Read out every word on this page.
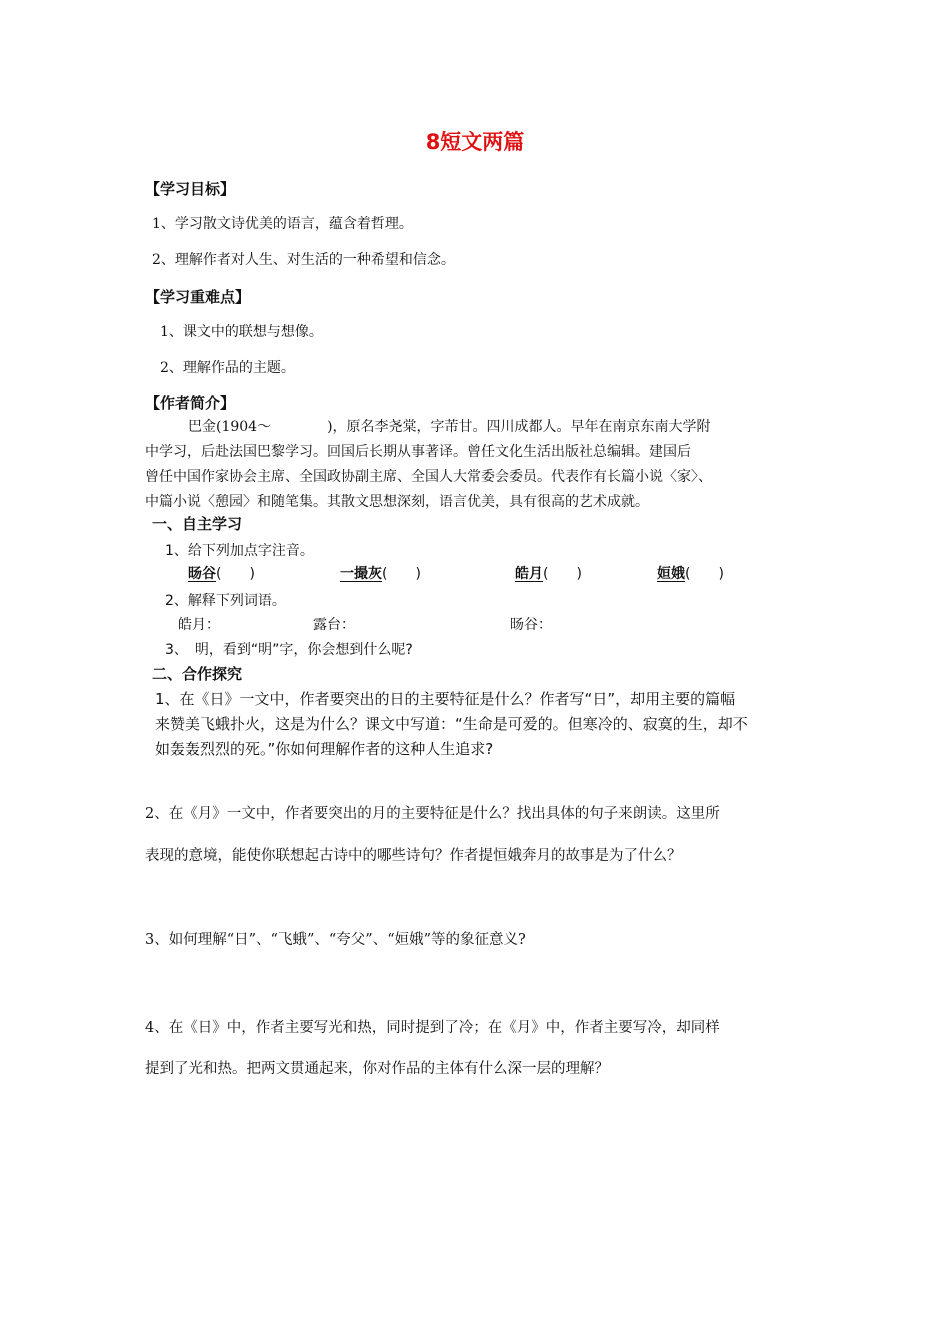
8短文两篇
【学习目标】
1、学习散文诗优美的语言，蕴含着哲理。
2、理解作者对人生、对生活的一种希望和信念。
【学习重难点】
1、课文中的联想与想像。
2、理解作品的主题。
【作者简介】
巴金(1904～　　　　)，原名李尧棠，字芾甘。四川成都人。早年在南京东南大学附
中学习，后赴法国巴黎学习。回国后长期从事著译。曾任文化生活出版社总编辑。建国后
曾任中国作家协会主席、全国政协副主席、全国人大常委会委员。代表作有长篇小说〈家〉、
中篇小说〈憩园〉和随笔集。其散文思想深刻，语言优美，具有很高的艺术成就。
一、自主学习
1、给下列加点字注音。
旸谷(　　)	一撮灰(　　)	皓月(　　)	姮娥(　　)
2、解释下列词语。
皓月：	露台：	旸谷：
3、　明，看到“明”字，你会想到什么呢?
二、合作探究
1、在《日》一文中，作者要突出的日的主要特征是什么？作者写“日”，却用主要的篇幅
来赞美飞蛾扑火，这是为什么？课文中写道：“生命是可爱的。但寒冷的、寂寞的生，却不
如轰轰烈烈的死。”你如何理解作者的这种人生追求?
2、在《月》一文中，作者要突出的月的主要特征是什么？找出具体的句子来朗读。这里所
表现的意境，能使你联想起古诗中的哪些诗句？作者提恒娥奔月的故事是为了什么？
3、如何理解“日”、“飞蛾”、“夸父”、“姮娥”等的象征意义?
4、在《日》中，作者主要写光和热，同时提到了冷；在《月》中，作者主要写冷，却同样
提到了光和热。把两文贯通起来，你对作品的主体有什么深一层的理解？
